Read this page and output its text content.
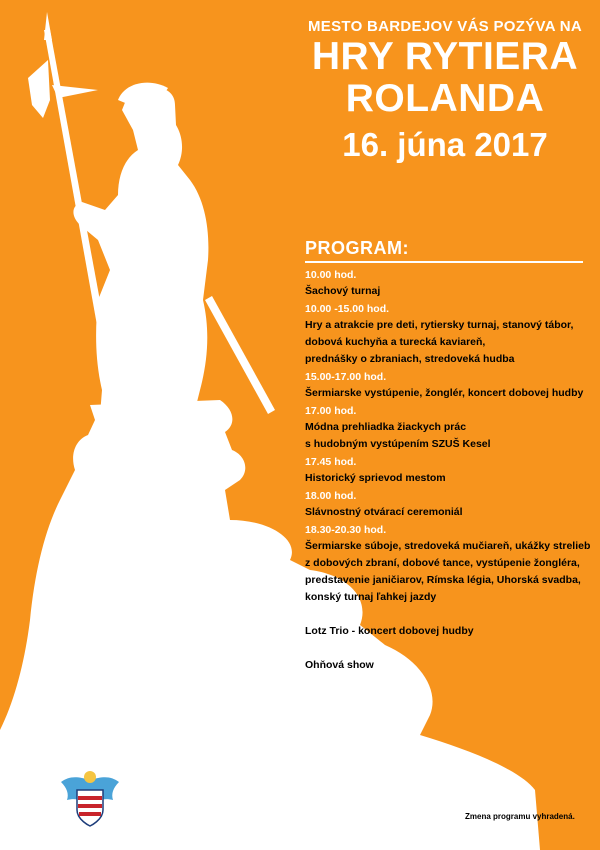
MESTO BARDEJOV VÁS POZÝVA NA
HRY RYTIERA
ROLANDA
16. júna 2017
PROGRAM:
10.00 hod.
Šachový turnaj
10.00 -15.00 hod.
Hry a atrakcie pre deti, rytiersky turnaj, stanový tábor,
dobová kuchyňa a turecká kaviareň,
prednášky o zbraniach, stredoveká hudba
15.00-17.00 hod.
Šermiarske vystúpenie, žonglér, koncert dobovej hudby
17.00 hod.
Módna prehliadka žiackych prác
s hudobným vystúpením SZUŠ Kesel
17.45 hod.
Historický sprievod mestom
18.00 hod.
Slávnostný otvárací ceremoniál
18.30-20.30 hod.
Šermiarske súboje, stredoveká mučiareň, ukážky strelieb
z dobových zbraní, dobové tance, vystúpenie žongléra,
predstavenie janičiarov, Rímska légia, Uhorská svadba,
konský turnaj ľahkej jazdy
20.30 hod.
Lotz Trio - koncert dobovej hudby
21.00 hod.
Ohňová show
Zmena programu vyhradená.
